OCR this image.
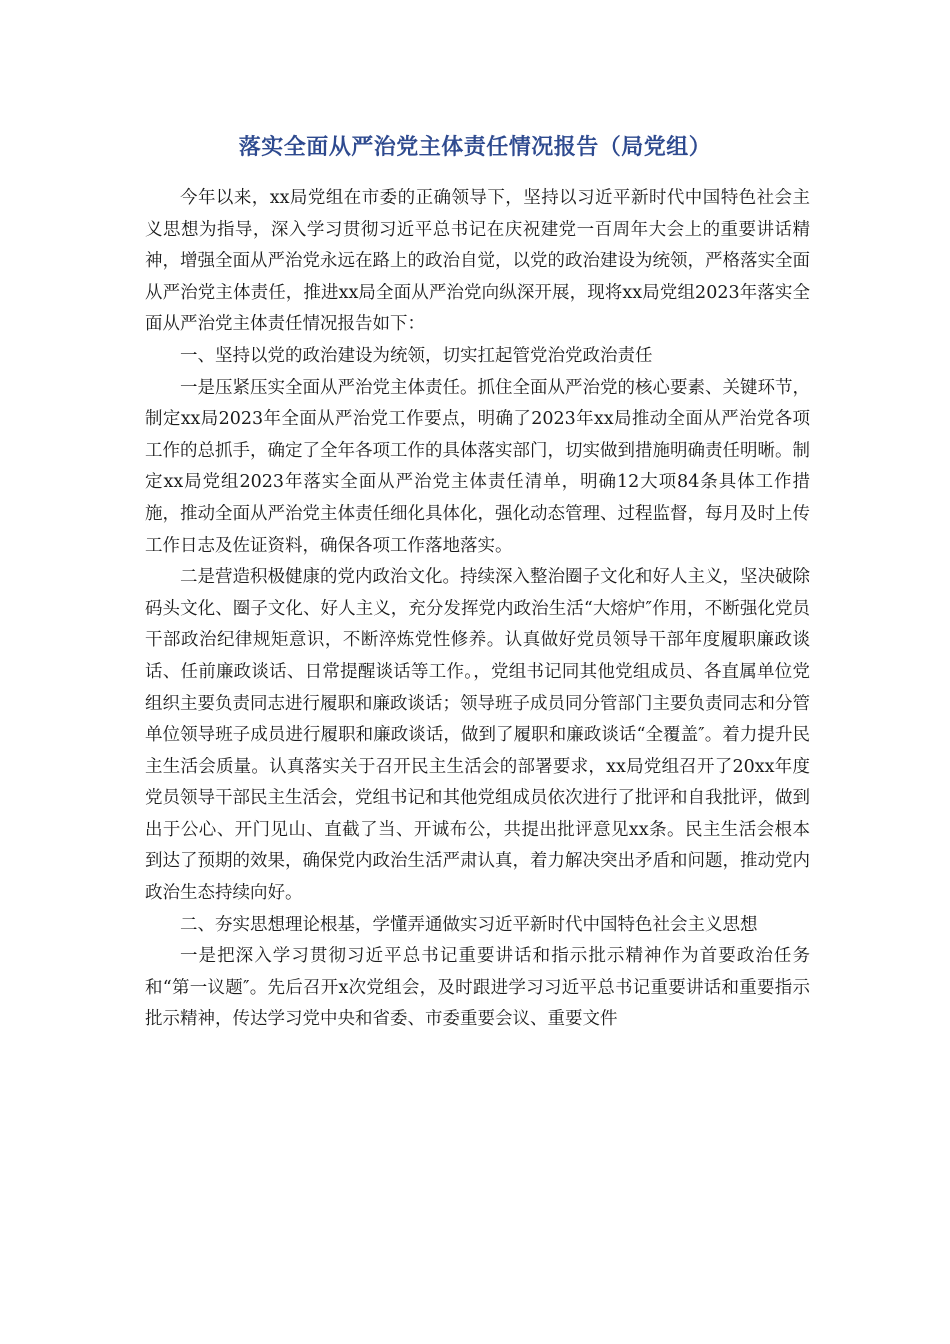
落实全面从严治党主体责任情况报告（局党组）

今年以来，xx局党组在市委的正确领导下，坚持以习近平新时代中国特色社会主义思想为指导，深入学习贯彻习近平总书记在庆祝建党一百周年大会上的重要讲话精神，增强全面从严治党永远在路上的政治自觉，以党的政治建设为统领，严格落实全面从严治党主体责任，推进xx局全面从严治党向纵深开展，现将xx局党组2023年落实全面从严治党主体责任情况报告如下：

一、坚持以党的政治建设为统领，切实扛起管党治党政治责任

一是压紧压实全面从严治党主体责任。抓住全面从严治党的核心要素、关键环节，制定xx局2023年全面从严治党工作要点，明确了2023年xx局推动全面从严治党各项工作的总抓手，确定了全年各项工作的具体落实部门，切实做到措施明确责任明晰。制定xx局党组2023年落实全面从严治党主体责任清单，明确12大项84条具体工作措施，推动全面从严治党主体责任细化具体化，强化动态管理、过程监督，每月及时上传工作日志及佐证资料，确保各项工作落地落实。

二是营造积极健康的党内政治文化。持续深入整治圈子文化和好人主义，坚决破除码头文化、圈子文化、好人主义，充分发挥党内政治生活“大熔炉″作用，不断强化党员干部政治纪律规矩意识，不断淬炼党性修养。认真做好党员领导干部年度履职廉政谈话、任前廉政谈话、日常提醒谈话等工作。，党组书记同其他党组成员、各直属单位党组织主要负责同志进行履职和廉政谈话；领导班子成员同分管部门主要负责同志和分管单位领导班子成员进行履职和廉政谈话，做到了履职和廉政谈话“全覆盖″。着力提升民主生活会质量。认真落实关于召开民主生活会的部署要求，xx局党组召开了20xx年度党员领导干部民主生活会，党组书记和其他党组成员依次进行了批评和自我批评，做到出于公心、开门见山、直截了当、开诚布公，共提出批评意见xx条。民主生活会根本到达了预期的效果，确保党内政治生活严肃认真，着力解决突出矛盾和问题，推动党内政治生态持续向好。

二、夯实思想理论根基，学懂弄通做实习近平新时代中国特色社会主义思想

一是把深入学习贯彻习近平总书记重要讲话和指示批示精神作为首要政治任务和“第一议题″。先后召开x次党组会，及时跟进学习习近平总书记重要讲话和重要指示批示精神，传达学习党中央和省委、市委重要会议、重要文件
